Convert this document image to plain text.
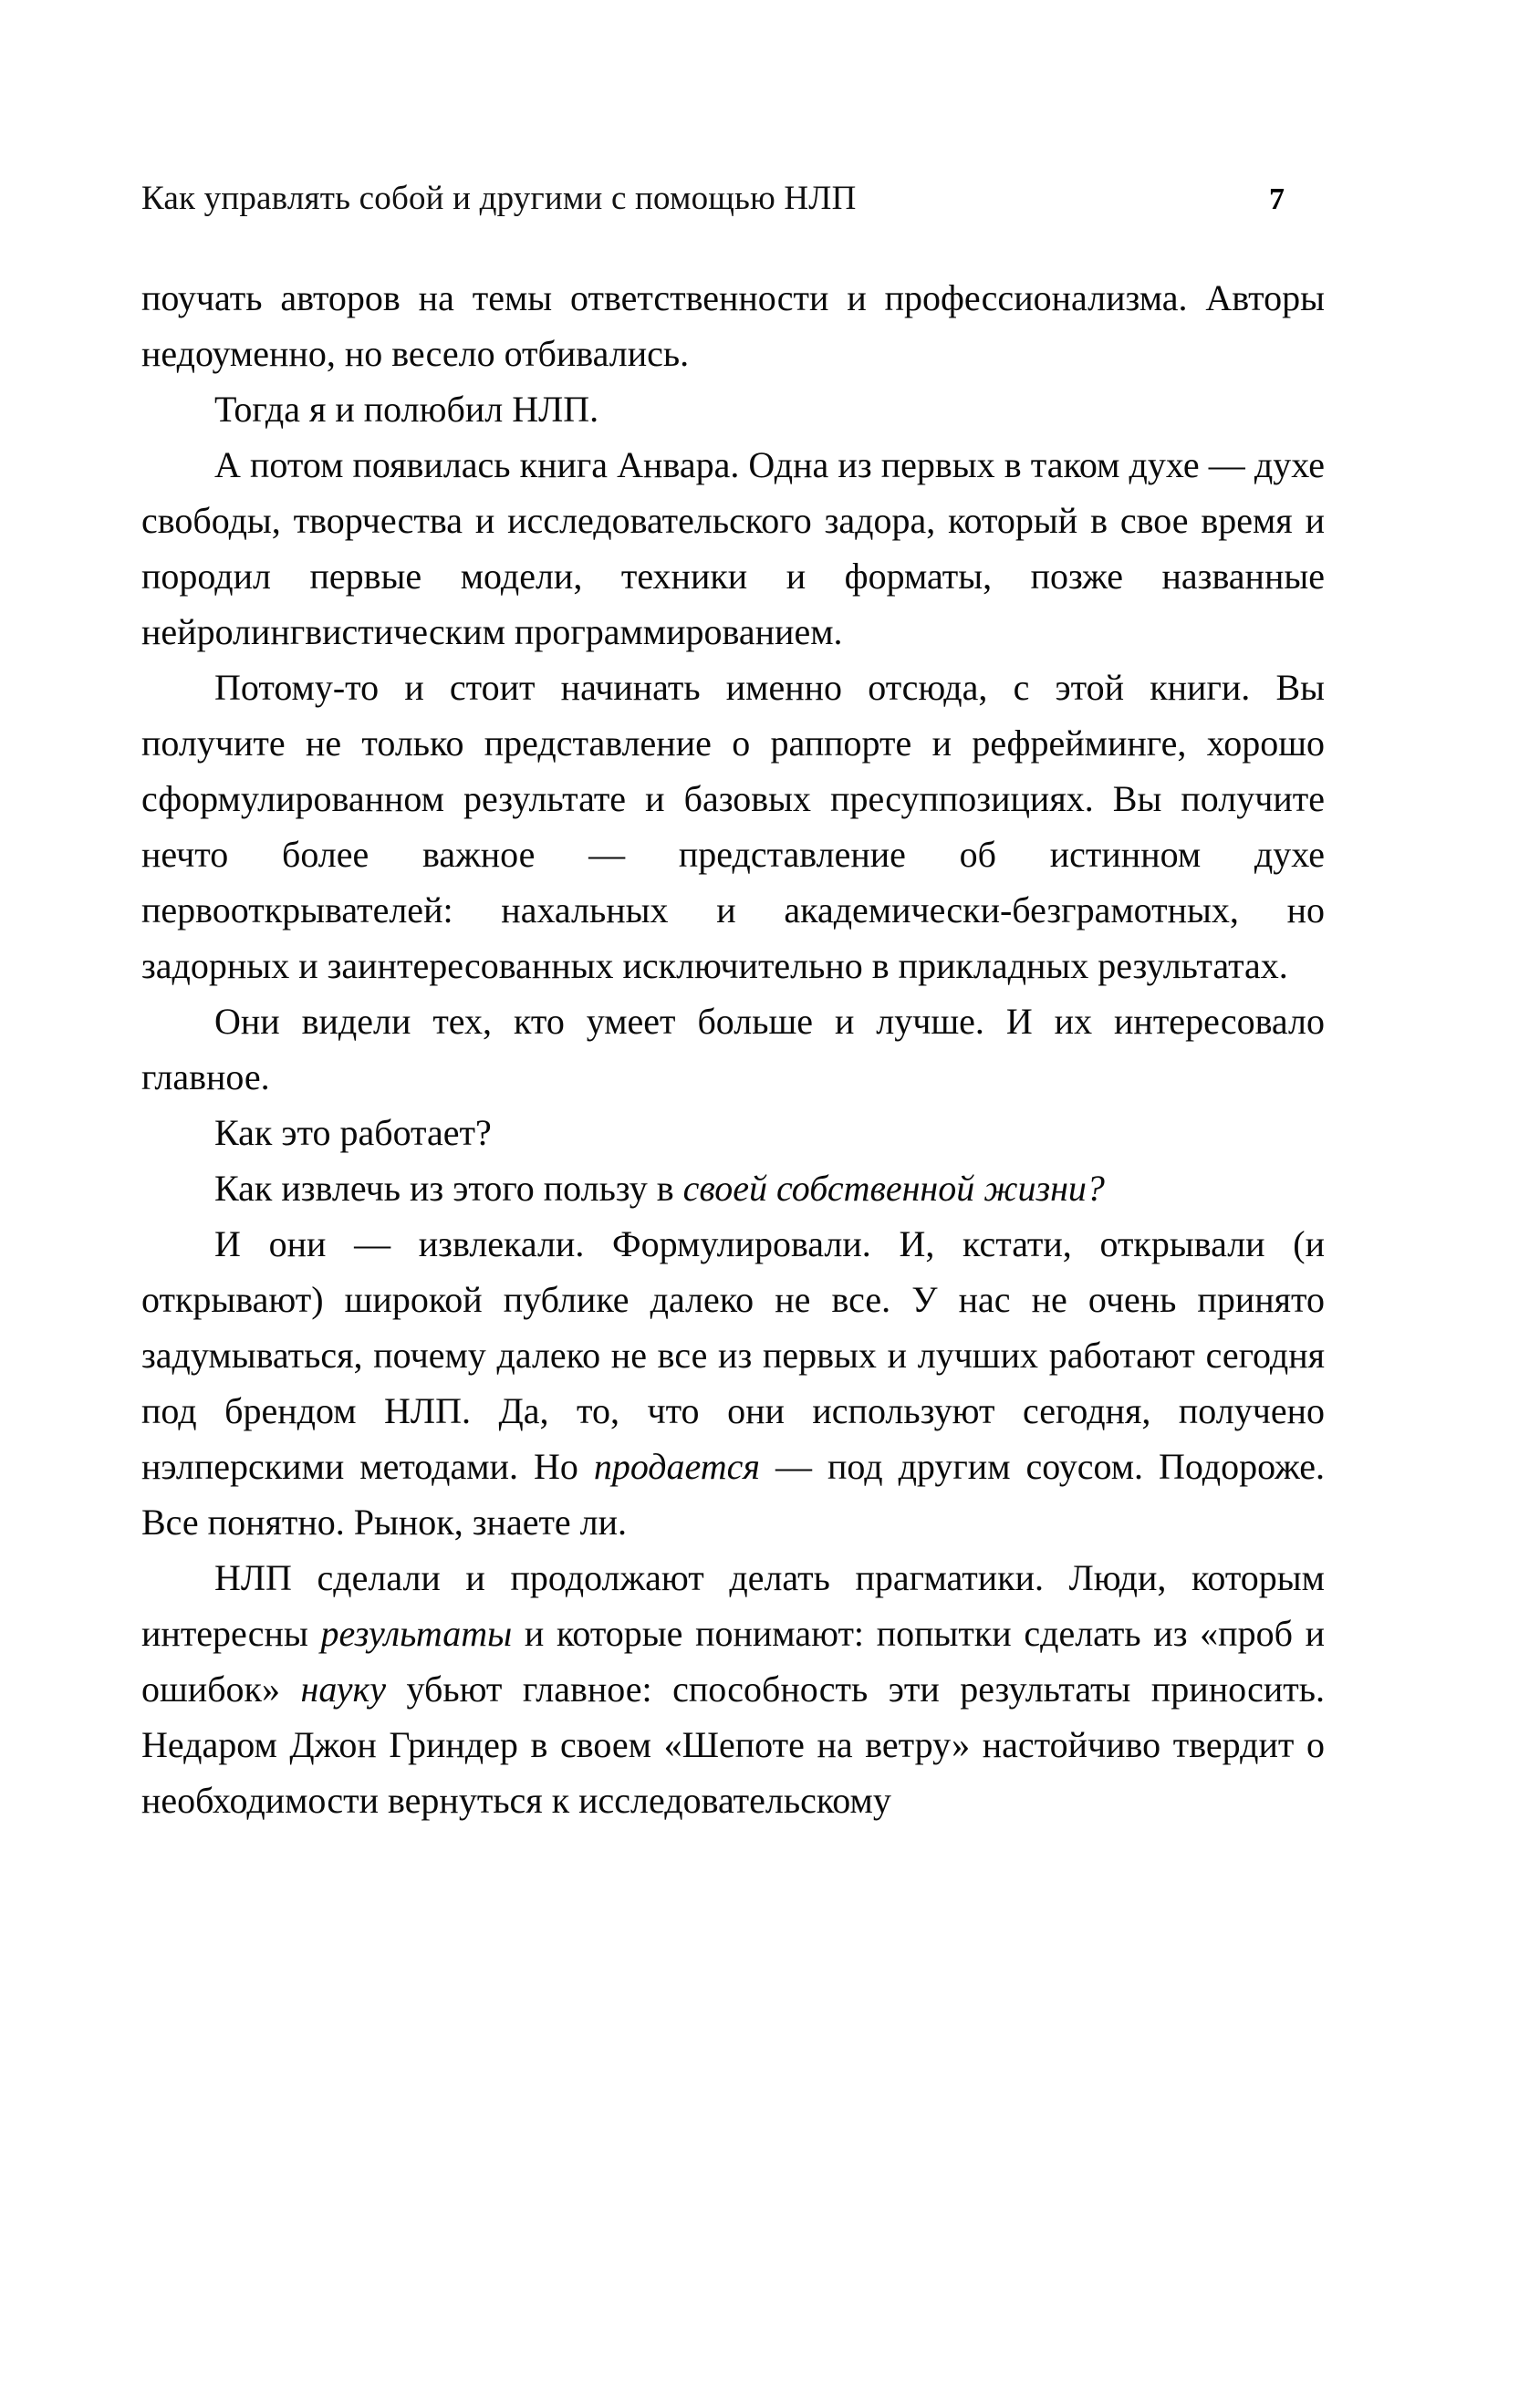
Как управлять собой и другими с помощью НЛП	7

поучать авторов на темы ответственности и профессионализма. Авторы недоуменно, но весело отбивались.

Тогда я и полюбил НЛП.

А потом появилась книга Анвара. Одна из первых в таком духе — духе свободы, творчества и исследовательского задора, который в свое время и породил первые модели, техники и форматы, позже названные нейролингвистическим программированием.

Потому-то и стоит начинать именно отсюда, с этой книги. Вы получите не только представление о раппорте и рефрейминге, хорошо сформулированном результате и базовых пресуппозициях. Вы получите нечто более важное — представление об истинном духе первооткрывателей: нахальных и академически-безграмотных, но задорных и заинтересованных исключительно в прикладных результатах.

Они видели тех, кто умеет больше и лучше. И их интересовало главное.

Как это работает?

Как извлечь из этого пользу в своей собственной жизни?

И они — извлекали. Формулировали. И, кстати, открывали (и открывают) широкой публике далеко не все. У нас не очень принято задумываться, почему далеко не все из первых и лучших работают сегодня под брендом НЛП. Да, то, что они используют сегодня, получено нэлперскими методами. Но продается — под другим соусом. Подороже. Все понятно. Рынок, знаете ли.

НЛП сделали и продолжают делать прагматики. Люди, которым интересны результаты и которые понимают: попытки сделать из «проб и ошибок» науку убьют главное: способность эти результаты приносить. Недаром Джон Гриндер в своем «Шепоте на ветру» настойчиво твердит о необходимости вернуться к исследовательскому
